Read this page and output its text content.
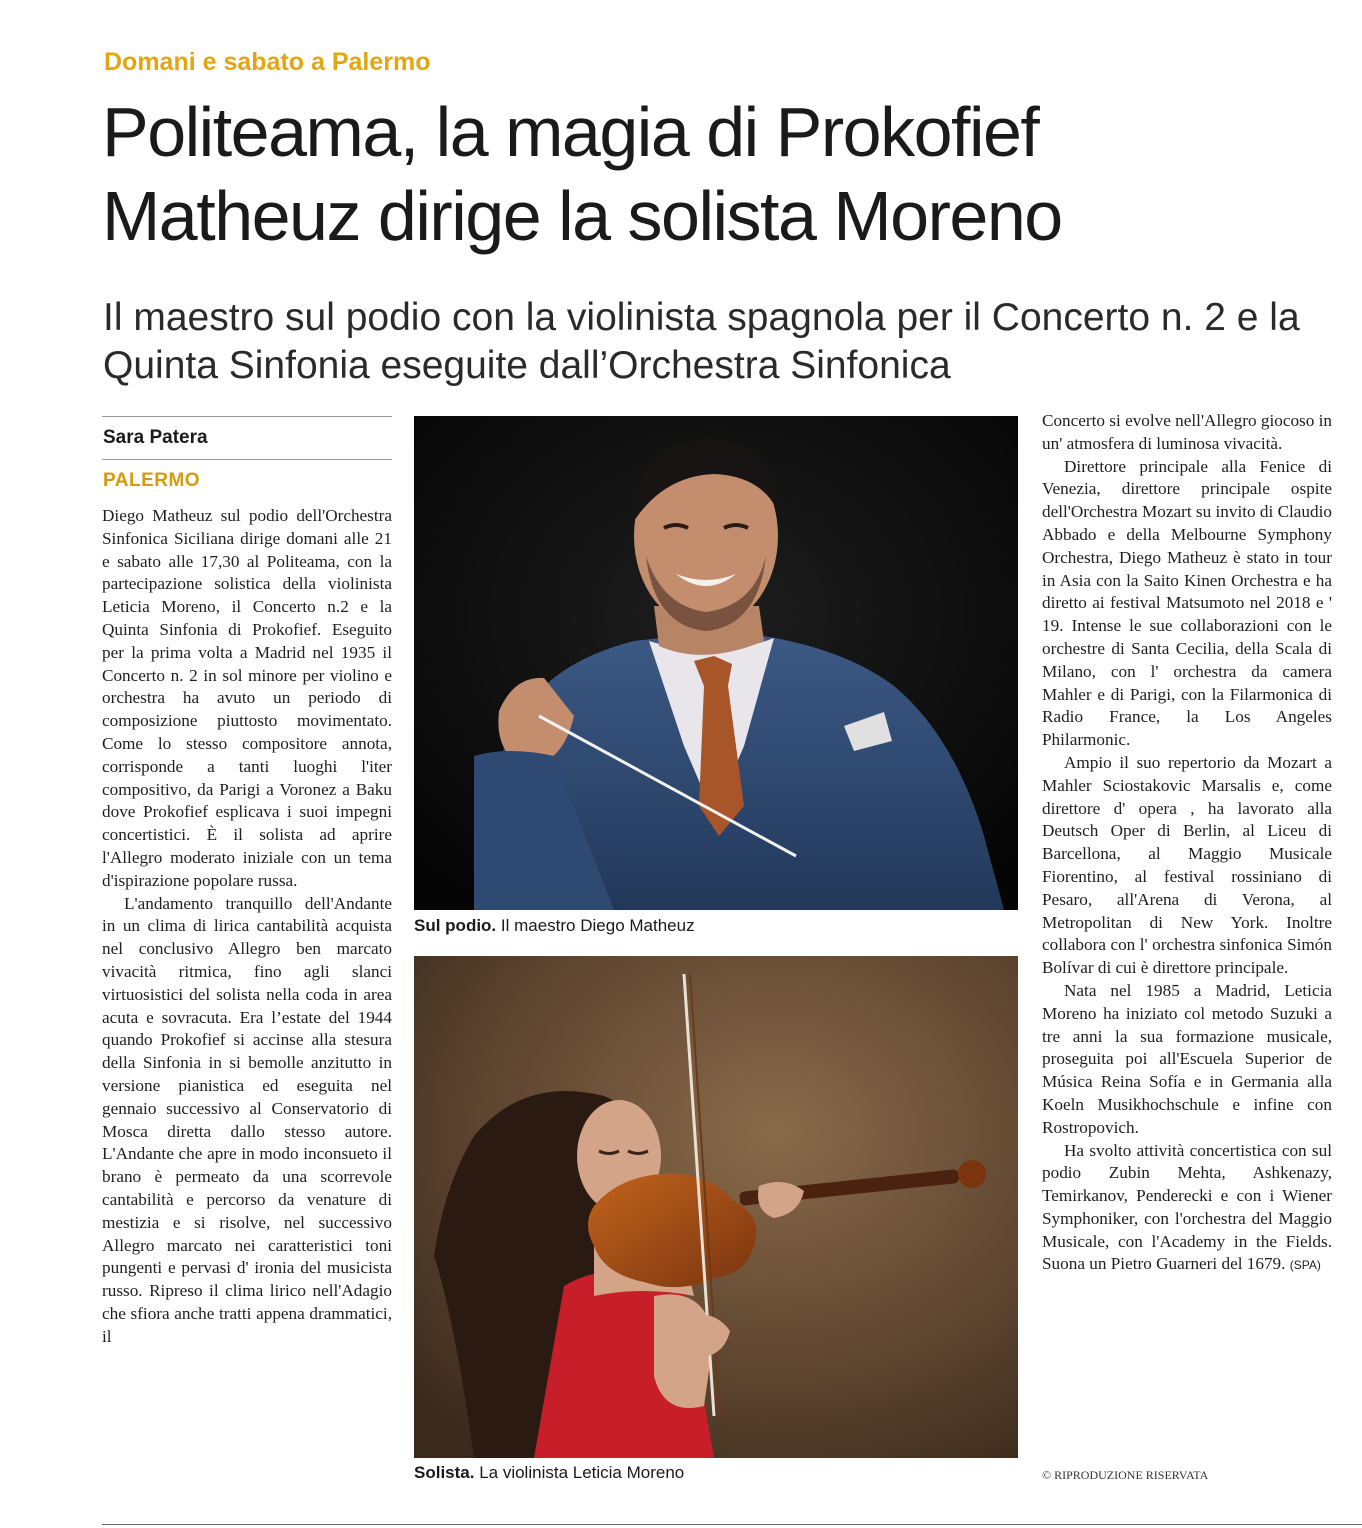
Domani e sabato a Palermo
Politeama, la magia di Prokofief
Matheuz dirige la solista Moreno
Il maestro sul podio con la violinista spagnola per il Concerto n. 2 e la Quinta Sinfonia eseguite dall’Orchestra Sinfonica
Sara Patera
PALERMO

Diego Matheuz sul podio dell'Orchestra Sinfonica Siciliana dirige domani alle 21 e sabato alle 17,30 al Politeama, con la partecipazione solistica della violinista Leticia Moreno, il Concerto n.2 e la Quinta Sinfonia di Prokofief. Eseguito per la prima volta a Madrid nel 1935 il Concerto n. 2 in sol minore per violino e orchestra ha avuto un periodo di composizione piuttosto movimentato. Come lo stesso compositore annota, corrisponde a tanti luoghi l'iter compositivo, da Parigi a Voronez a Baku dove Prokofief esplicava i suoi impegni concertistici. È il solista ad aprire l'Allegro moderato iniziale con un tema d'ispirazione popolare russa.

L'andamento tranquillo dell'Andante in un clima di lirica cantabilità acquista nel conclusivo Allegro ben marcato vivacità ritmica, fino agli slanci virtuosistici del solista nella coda in area acuta e sovracuta. Era l’estate del 1944 quando Prokofief si accinse alla stesura della Sinfonia in si bemolle anzitutto in versione pianistica ed eseguita nel gennaio successivo al Conservatorio di Mosca diretta dallo stesso autore. L'Andante che apre in modo inconsueto il brano è permeato da una scorrevole cantabilità e percorso da venature di mestizia e si risolve, nel successivo Allegro marcato nei caratteristici toni pungenti e pervasi d' ironia del musicista russo. Ripreso il clima lirico nell'Adagio che sfiora anche tratti appena drammatici, il

Sul podio. Il maestro Diego Matheuz
Solista. La violinista Leticia Moreno

Concerto si evolve nell'Allegro giocoso in un' atmosfera di luminosa vivacità.

Direttore principale alla Fenice di Venezia, direttore principale ospite dell'Orchestra Mozart su invito di Claudio Abbado e della Melbourne Symphony Orchestra, Diego Matheuz è stato in tour in Asia con la Saito Kinen Orchestra e ha diretto ai festival Matsumoto nel 2018 e ' 19. Intense le sue collaborazioni con le orchestre di Santa Cecilia, della Scala di Milano, con l' orchestra da camera Mahler e di Parigi, con la Filarmonica di Radio France, la Los Angeles Philarmonic.

Ampio il suo repertorio da Mozart a Mahler Sciostakovic Marsalis e, come direttore d' opera , ha lavorato alla Deutsch Oper di Berlin, al Liceu di Barcellona, al Maggio Musicale Fiorentino, al festival rossiniano di Pesaro, all'Arena di Verona, al Metropolitan di New York. Inoltre collabora con l' orchestra sinfonica Simón Bolívar di cui è direttore principale.

Nata nel 1985 a Madrid, Leticia Moreno ha iniziato col metodo Suzuki a tre anni la sua formazione musicale, proseguita poi all'Escuela Superior de Música Reina Sofía e in Germania alla Koeln Musikhochschule e infine con Rostropovich.

Ha svolto attività concertistica con sul podio Zubin Mehta, Ashkenazy, Temirkanov, Penderecki e con i Wiener Symphoniker, con l'orchestra del Maggio Musicale, con l'Academy in the Fields. Suona un Pietro Guarneri del 1679. (SPA)

© RIPRODUZIONE RISERVATA
